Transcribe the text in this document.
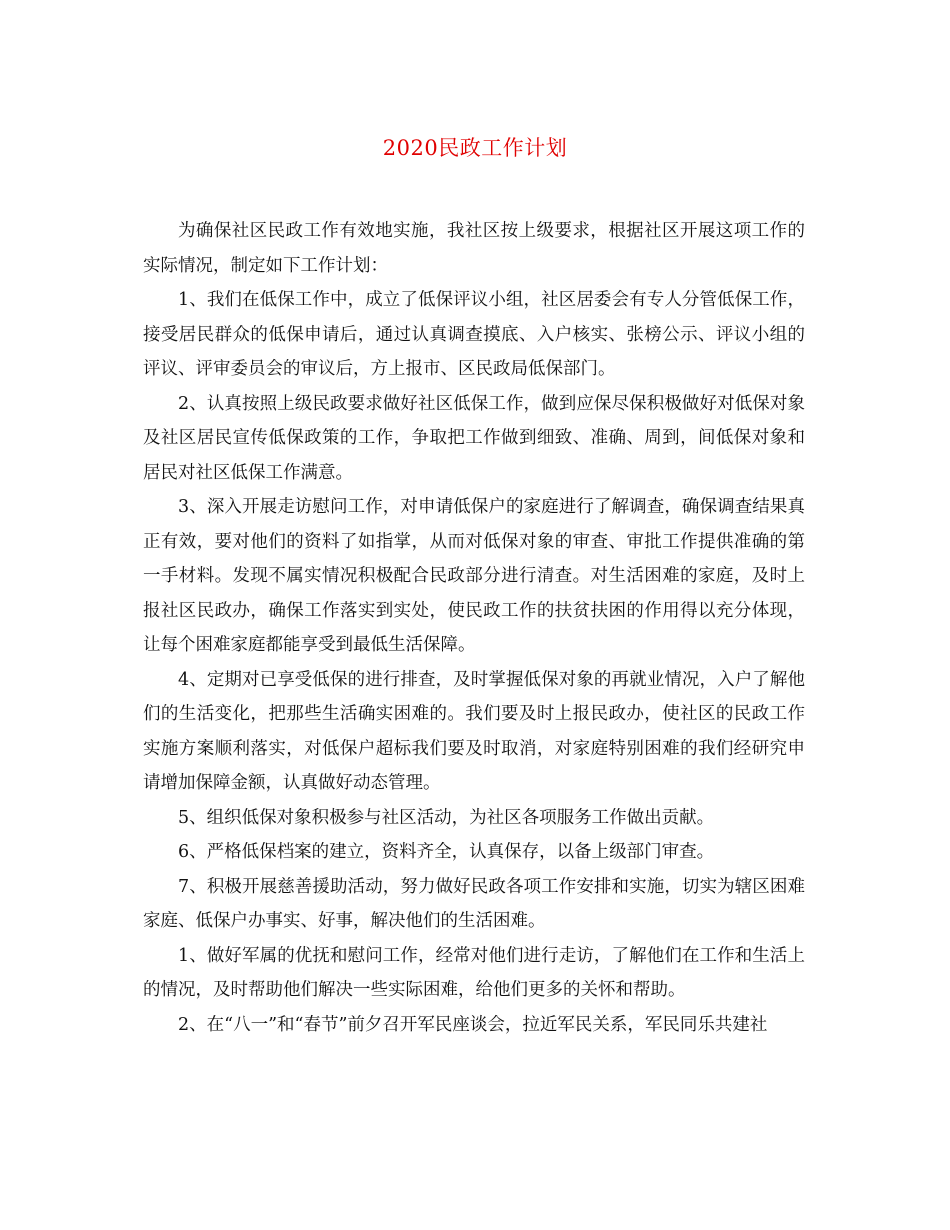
2020民政工作计划

为确保社区民政工作有效地实施，我社区按上级要求，根据社区开展这项工作的实际情况，制定如下工作计划：

1、我们在低保工作中，成立了低保评议小组，社区居委会有专人分管低保工作，接受居民群众的低保申请后，通过认真调查摸底、入户核实、张榜公示、评议小组的评议、评审委员会的审议后，方上报市、区民政局低保部门。

2、认真按照上级民政要求做好社区低保工作，做到应保尽保积极做好对低保对象及社区居民宣传低保政策的工作，争取把工作做到细致、准确、周到，间低保对象和居民对社区低保工作满意。

3、深入开展走访慰问工作，对申请低保户的家庭进行了解调查，确保调查结果真正有效，要对他们的资料了如指掌，从而对低保对象的审查、审批工作提供准确的第一手材料。发现不属实情况积极配合民政部分进行清查。对生活困难的家庭，及时上报社区民政办，确保工作落实到实处，使民政工作的扶贫扶困的作用得以充分体现，让每个困难家庭都能享受到最低生活保障。

4、定期对已享受低保的进行排查，及时掌握低保对象的再就业情况，入户了解他们的生活变化，把那些生活确实困难的。我们要及时上报民政办，使社区的民政工作实施方案顺利落实，对低保户超标我们要及时取消，对家庭特别困难的我们经研究申请增加保障金额，认真做好动态管理。

5、组织低保对象积极参与社区活动，为社区各项服务工作做出贡献。

6、严格低保档案的建立，资料齐全，认真保存，以备上级部门审查。

7、积极开展慈善援助活动，努力做好民政各项工作安排和实施，切实为辖区困难家庭、低保户办事实、好事，解决他们的生活困难。

1、做好军属的优抚和慰问工作，经常对他们进行走访，了解他们在工作和生活上的情况，及时帮助他们解决一些实际困难，给他们更多的关怀和帮助。

2、在“八一”和“春节”前夕召开军民座谈会，拉近军民关系，军民同乐共建社
